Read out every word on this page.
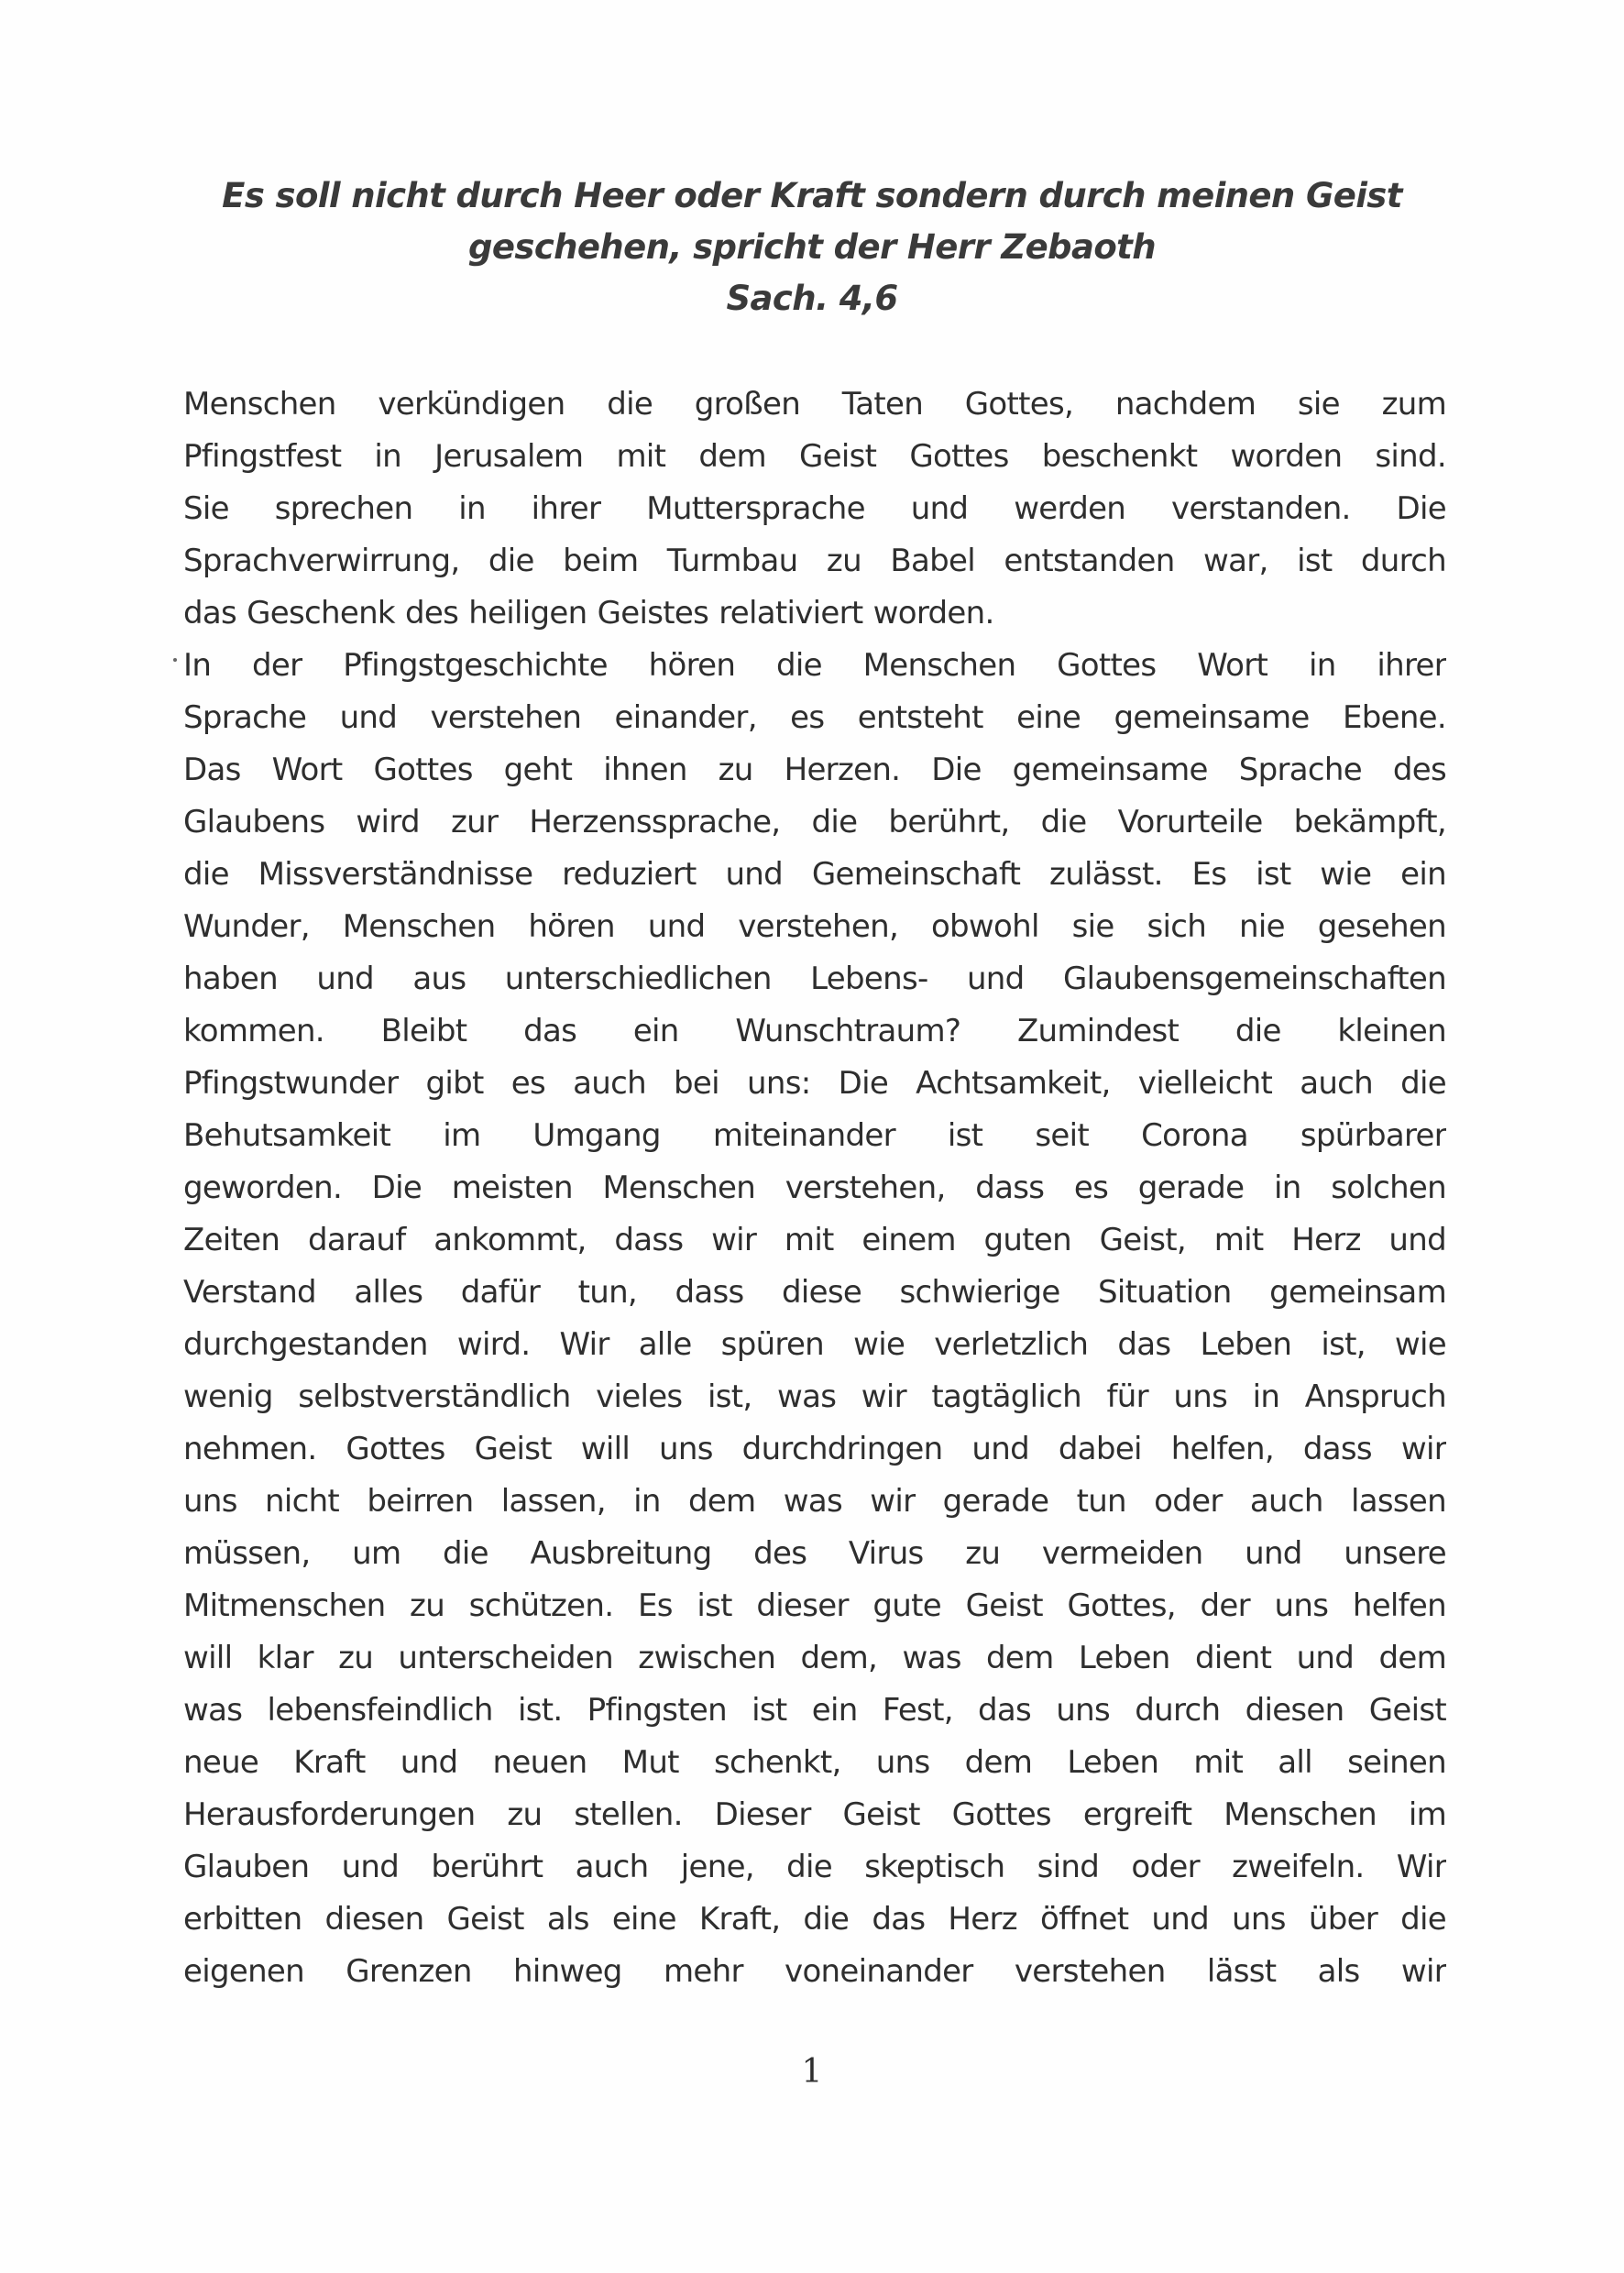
Es soll nicht durch Heer oder Kraft sondern durch meinen Geist
geschehen, spricht der Herr Zebaoth
Sach. 4,6
Menschen verkündigen die großen Taten Gottes, nachdem sie zum
Pfingstfest in Jerusalem mit dem Geist Gottes beschenkt worden sind.
Sie sprechen in ihrer Muttersprache und werden verstanden. Die
Sprachverwirrung, die beim Turmbau zu Babel entstanden war, ist durch
das Geschenk des heiligen Geistes relativiert worden.
In der Pfingstgeschichte hören die Menschen Gottes Wort in ihrer
Sprache und verstehen einander, es entsteht eine gemeinsame Ebene.
Das Wort Gottes geht ihnen zu Herzen. Die gemeinsame Sprache des
Glaubens wird zur Herzenssprache, die berührt, die Vorurteile bekämpft,
die Missverständnisse reduziert und Gemeinschaft zulässt. Es ist wie ein
Wunder, Menschen hören und verstehen, obwohl sie sich nie gesehen
haben und aus unterschiedlichen Lebens- und Glaubensgemeinschaften
kommen. Bleibt das ein Wunschtraum? Zumindest die kleinen
Pfingstwunder gibt es auch bei uns: Die Achtsamkeit, vielleicht auch die
Behutsamkeit im Umgang miteinander ist seit Corona spürbarer
geworden. Die meisten Menschen verstehen, dass es gerade in solchen
Zeiten darauf ankommt, dass wir mit einem guten Geist, mit Herz und
Verstand alles dafür tun, dass diese schwierige Situation gemeinsam
durchgestanden wird. Wir alle spüren wie verletzlich das Leben ist, wie
wenig selbstverständlich vieles ist, was wir tagtäglich für uns in Anspruch
nehmen. Gottes Geist will uns durchdringen und dabei helfen, dass wir
uns nicht beirren lassen, in dem was wir gerade tun oder auch lassen
müssen, um die Ausbreitung des Virus zu vermeiden und unsere
Mitmenschen zu schützen. Es ist dieser gute Geist Gottes, der uns helfen
will klar zu unterscheiden zwischen dem, was dem Leben dient und dem
was lebensfeindlich ist. Pfingsten ist ein Fest, das uns durch diesen Geist
neue Kraft und neuen Mut schenkt, uns dem Leben mit all seinen
Herausforderungen zu stellen. Dieser Geist Gottes ergreift Menschen im
Glauben und berührt auch jene, die skeptisch sind oder zweifeln. Wir
erbitten diesen Geist als eine Kraft, die das Herz öffnet und uns über die
eigenen Grenzen hinweg mehr voneinander verstehen lässt als wir
1
